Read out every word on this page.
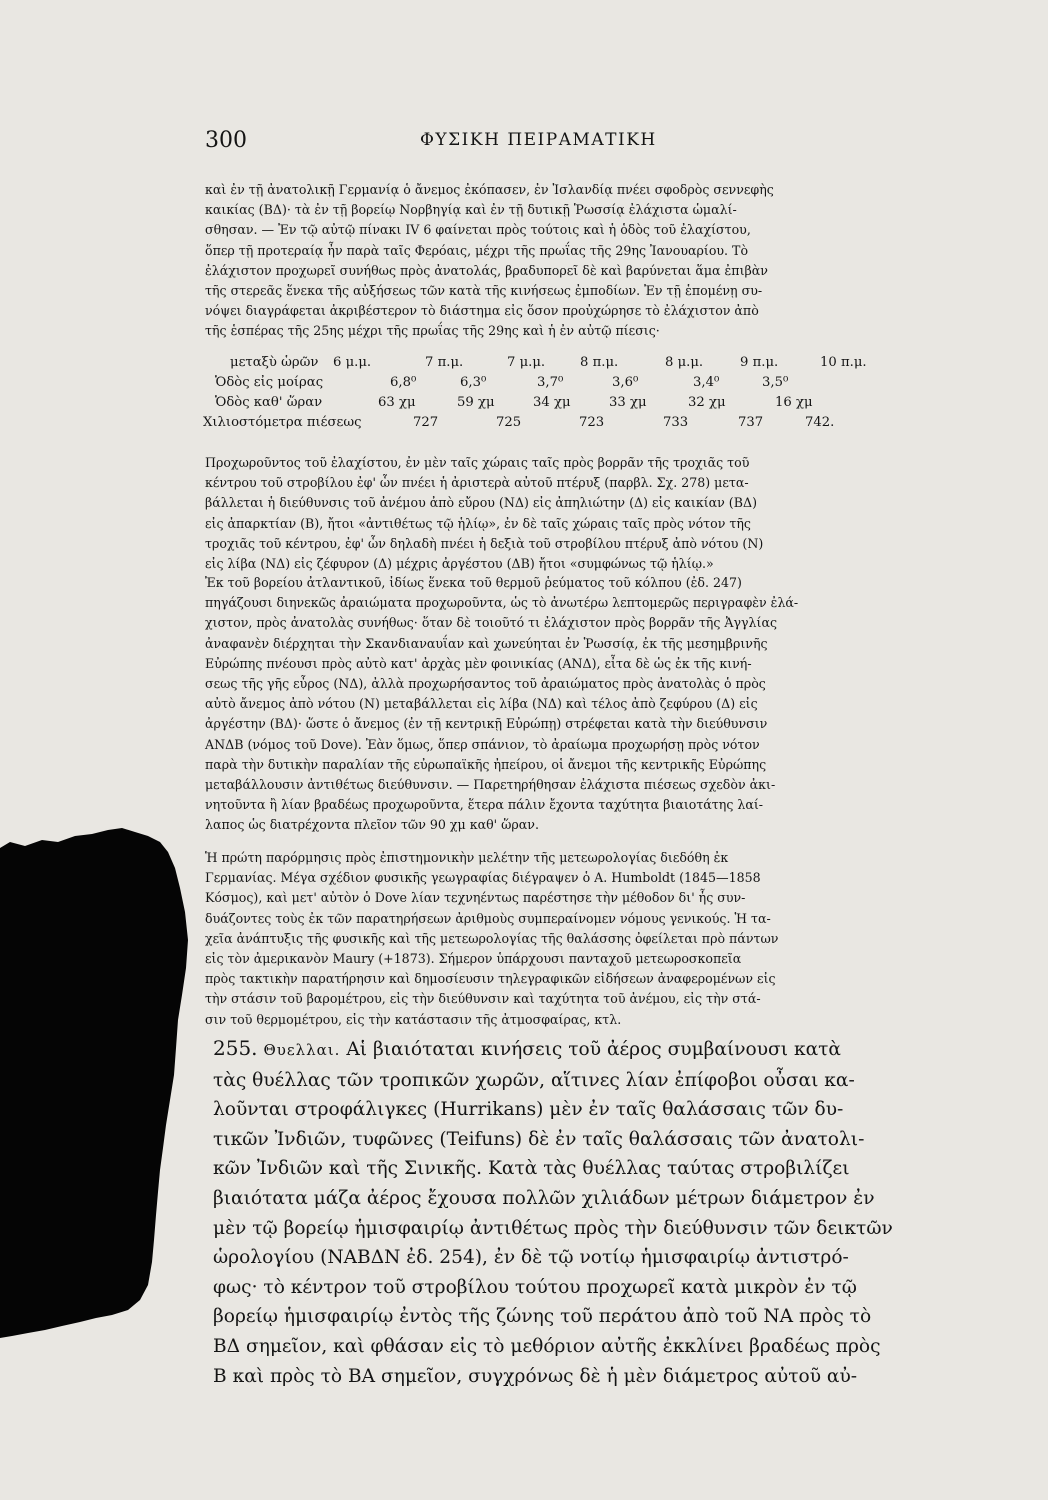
300	ΦΥΣΙΚΗ ΠΕΙΡΑΜΑΤΙΚΗ

καὶ ἐν τῇ ἀνατολικῇ Γερμανίᾳ ὁ ἄνεμος ἐκόπασεν, ἐν Ἰσλανδίᾳ πνέει σφοδρὸς σεννεφὴς

καικίας (ΒΔ)· τὰ ἐν τῇ βορείῳ Νορβηγίᾳ καὶ ἐν τῇ δυτικῇ Ῥωσσίᾳ ἐλάχιστα ὡμαλί-

σθησαν. — Ἐν τῷ αὐτῷ πίνακι IV 6 φαίνεται πρὸς τούτοις καὶ ἡ ὁδὸς τοῦ ἐλαχίστου,

ὅπερ τῇ προτεραίᾳ ἦν παρὰ ταῖς Φερόαις, μέχρι τῆς πρωΐας τῆς 29ης Ἰανουαρίου. Τὸ

ἐλάχιστον προχωρεῖ συνήθως πρὸς ἀνατολάς, βραδυπορεῖ δὲ καὶ βαρύνεται ἅμα ἐπιβὰν

τῆς στερεᾶς ἕνεκα τῆς αὐξήσεως τῶν κατὰ τῆς κινήσεως ἐμποδίων. Ἐν τῇ ἑπομένῃ συ-

νόψει διαγράφεται ἀκριβέστερον τὸ διάστημα εἰς ὅσον προὐχώρησε τὸ ἐλάχιστον ἀπὸ

τῆς ἑσπέρας τῆς 25ης μέχρι τῆς πρωΐας τῆς 29ης καὶ ἡ ἐν αὐτῷ πίεσις·

μεταξὺ ὡρῶν 6 μ.μ.	7 π.μ.	7 μ.μ.	8 π.μ.	8 μ.μ.	9 π.μ.	10 π.μ.
Ὁδὸς εἰς μοίρας	6,8⁰	6,3⁰	3,7⁰	3,6⁰	3,4⁰	3,5⁰
Ὁδὸς καθ' ὥραν	63 χμ	59 χμ	34 χμ	33 χμ	32 χμ	16 χμ
Χιλιοστόμετρα πιέσεως	727	725	723	733	737	742.

Προχωροῦντος τοῦ ἐλαχίστου, ἐν μὲν ταῖς χώραις ταῖς πρὸς βορρᾶν τῆς τροχιᾶς τοῦ

κέντρου τοῦ στροβίλου ἐφ' ὧν πνέει ἡ ἀριστερὰ αὐτοῦ πτέρυξ (παρβλ. Σχ. 278) μετα-

βάλλεται ἡ διεύθυνσις τοῦ ἀνέμου ἀπὸ εὔρου (ΝΔ) εἰς ἀπηλιώτην (Δ) εἰς καικίαν (ΒΔ)

εἰς ἀπαρκτίαν (Β), ἤτοι «ἀντιθέτως τῷ ἡλίῳ», ἐν δὲ ταῖς χώραις ταῖς πρὸς νότον τῆς

τροχιᾶς τοῦ κέντρου, ἐφ' ὧν δηλαδὴ πνέει ἡ δεξιὰ τοῦ στροβίλου πτέρυξ ἀπὸ νότου (Ν)

εἰς λίβα (ΝΔ) εἰς ζέφυρον (Δ) μέχρις ἀργέστου (ΔΒ) ἤτοι «συμφώνως τῷ ἡλίῳ.»

Ἐκ τοῦ βορείου ἀτλαντικοῦ, ἰδίως ἕνεκα τοῦ θερμοῦ ῥεύματος τοῦ κόλπου (ἐδ. 247)

πηγάζουσι διηνεκῶς ἀραιώματα προχωροῦντα, ὡς τὸ ἀνωτέρω λεπτομερῶς περιγραφὲν ἐλά-

χιστον, πρὸς ἀνατολὰς συνήθως· ὅταν δὲ τοιοῦτό τι ἐλάχιστον πρὸς βορρᾶν τῆς Ἀγγλίας

ἀναφανὲν διέρχηται τὴν Σκανδιαναυΐαν καὶ χωνεύηται ἐν Ῥωσσίᾳ, ἐκ τῆς μεσημβρινῆς

Εὐρώπης πνέουσι πρὸς αὐτὸ κατ' ἀρχὰς μὲν φοινικίας (ΑΝΔ), εἶτα δὲ ὡς ἐκ τῆς κινή-

σεως τῆς γῆς εὖρος (ΝΔ), ἀλλὰ προχωρήσαντος τοῦ ἀραιώματος πρὸς ἀνατολὰς ὁ πρὸς

αὐτὸ ἄνεμος ἀπὸ νότου (Ν) μεταβάλλεται εἰς λίβα (ΝΔ) καὶ τέλος ἀπὸ ζεφύρου (Δ) εἰς

ἀργέστην (ΒΔ)· ὥστε ὁ ἄνεμος (ἐν τῇ κεντρικῇ Εὐρώπῃ) στρέφεται κατὰ τὴν διεύθυνσιν

ΑΝΔΒ (νόμος τοῦ Dove). Ἐὰν ὅμως, ὅπερ σπάνιον, τὸ ἀραίωμα προχωρήσῃ πρὸς νότον

παρὰ τὴν δυτικὴν παραλίαν τῆς εὐρωπαϊκῆς ἠπείρου, οἱ ἄνεμοι τῆς κεντρικῆς Εὐρώπης

μεταβάλλουσιν ἀντιθέτως διεύθυνσιν. — Παρετηρήθησαν ἐλάχιστα πιέσεως σχεδὸν ἀκι-

νητοῦντα ἢ λίαν βραδέως προχωροῦντα, ἕτερα πάλιν ἔχοντα ταχύτητα βιαιοτάτης λαί-

λαπος ὡς διατρέχοντα πλεῖον τῶν 90 χμ καθ' ὥραν.

Ἡ πρώτη παρόρμησις πρὸς ἐπιστημονικὴν μελέτην τῆς μετεωρολογίας διεδόθη ἐκ

Γερμανίας. Μέγα σχέδιον φυσικῆς γεωγραφίας διέγραψεν ὁ Α. Humboldt (1845—1858

Κόσμος), καὶ μετ' αὐτὸν ὁ Dove λίαν τεχνηέντως παρέστησε τὴν μέθοδον δι' ἧς συν-

δυάζοντες τοὺς ἐκ τῶν παρατηρήσεων ἀριθμοὺς συμπεραίνομεν νόμους γενικούς. Ἡ τα-

χεῖα ἀνάπτυξις τῆς φυσικῆς καὶ τῆς μετεωρολογίας τῆς θαλάσσης ὀφείλεται πρὸ πάντων

εἰς τὸν ἀμερικανὸν Maury (+1873). Σήμερον ὑπάρχουσι πανταχοῦ μετεωροσκοπεῖα

πρὸς τακτικὴν παρατήρησιν καὶ δημοσίευσιν τηλεγραφικῶν εἰδήσεων ἀναφερομένων εἰς

τὴν στάσιν τοῦ βαρομέτρου, εἰς τὴν διεύθυνσιν καὶ ταχύτητα τοῦ ἀνέμου, εἰς τὴν στά-

σιν τοῦ θερμομέτρου, εἰς τὴν κατάστασιν τῆς ἀτμοσφαίρας, κτλ.

255. Θυελλαι. Αἱ βιαιόταται κινήσεις τοῦ ἀέρος συμβαίνουσι κατὰ

τὰς θυέλλας τῶν τροπικῶν χωρῶν, αἵτινες λίαν ἐπίφοβοι οὖσαι κα-

λοῦνται στροφάλιγκες (Hurrikans) μὲν ἐν ταῖς θαλάσσαις τῶν δυ-

τικῶν Ἰνδιῶν, τυφῶνες (Teifuns) δὲ ἐν ταῖς θαλάσσαις τῶν ἀνατολι-

κῶν Ἰνδιῶν καὶ τῆς Σινικῆς. Κατὰ τὰς θυέλλας ταύτας στροβιλίζει

βιαιότατα μάζα ἀέρος ἔχουσα πολλῶν χιλιάδων μέτρων διάμετρον ἐν

μὲν τῷ βορείῳ ἡμισφαιρίῳ ἀντιθέτως πρὸς τὴν διεύθυνσιν τῶν δεικτῶν

ὡρολογίου (ΝΑΒΔΝ ἐδ. 254), ἐν δὲ τῷ νοτίῳ ἡμισφαιρίῳ ἀντιστρό-

φως· τὸ κέντρον τοῦ στροβίλου τούτου προχωρεῖ κατὰ μικρὸν ἐν τῷ

βορείῳ ἡμισφαιρίῳ ἐντὸς τῆς ζώνης τοῦ περάτου ἀπὸ τοῦ ΝΑ πρὸς τὸ

ΒΔ σημεῖον, καὶ φθάσαν εἰς τὸ μεθόριον αὐτῆς ἐκκλίνει βραδέως πρὸς

Β καὶ πρὸς τὸ ΒΑ σημεῖον, συγχρόνως δὲ ἡ μὲν διάμετρος αὐτοῦ αὐ-
